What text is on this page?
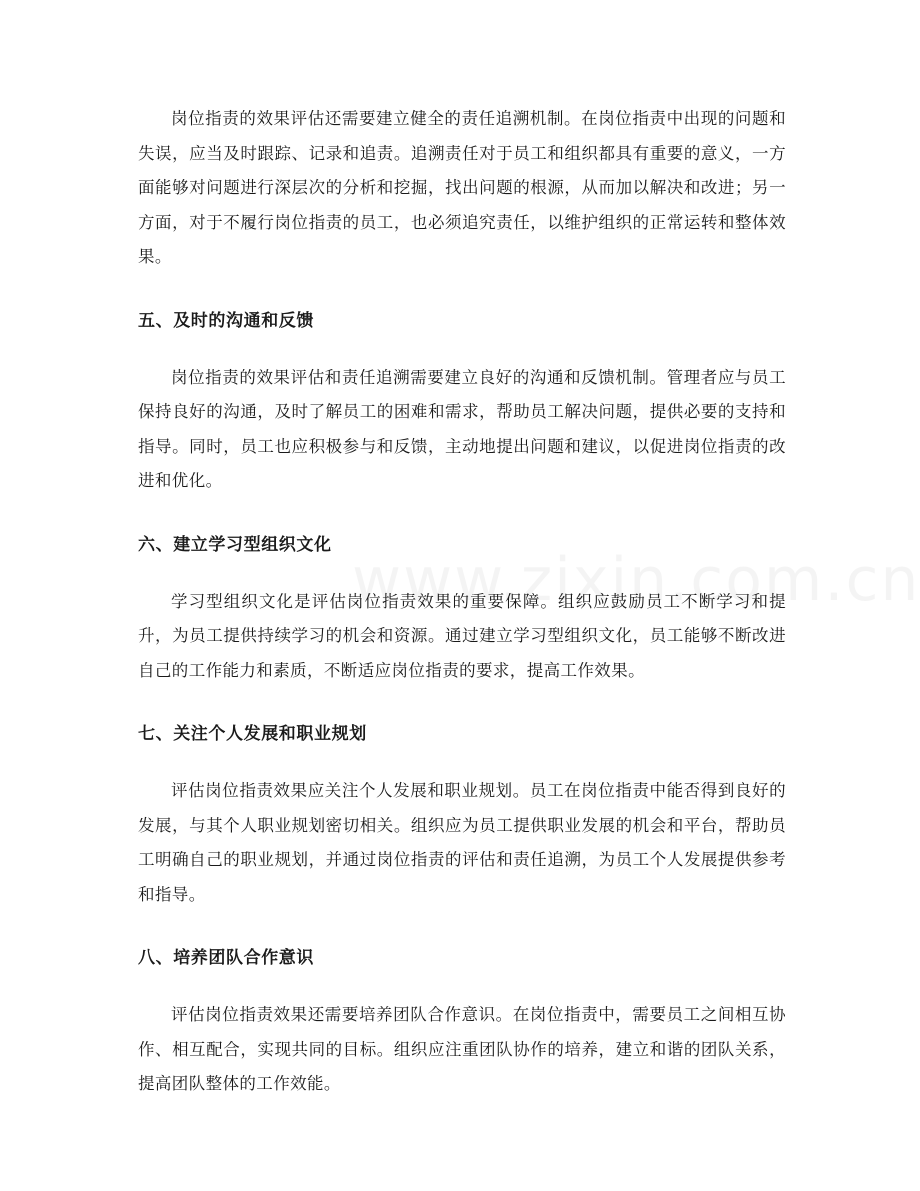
岗位指责的效果评估还需要建立健全的责任追溯机制。在岗位指责中出现的问题和失误，应当及时跟踪、记录和追责。追溯责任对于员工和组织都具有重要的意义，一方面能够对问题进行深层次的分析和挖掘，找出问题的根源，从而加以解决和改进；另一方面，对于不履行岗位指责的员工，也必须追究责任，以维护组织的正常运转和整体效果。

五、及时的沟通和反馈

岗位指责的效果评估和责任追溯需要建立良好的沟通和反馈机制。管理者应与员工保持良好的沟通，及时了解员工的困难和需求，帮助员工解决问题，提供必要的支持和指导。同时，员工也应积极参与和反馈，主动地提出问题和建议，以促进岗位指责的改进和优化。

六、建立学习型组织文化

学习型组织文化是评估岗位指责效果的重要保障。组织应鼓励员工不断学习和提升，为员工提供持续学习的机会和资源。通过建立学习型组织文化，员工能够不断改进自己的工作能力和素质，不断适应岗位指责的要求，提高工作效果。

七、关注个人发展和职业规划

评估岗位指责效果应关注个人发展和职业规划。员工在岗位指责中能否得到良好的发展，与其个人职业规划密切相关。组织应为员工提供职业发展的机会和平台，帮助员工明确自己的职业规划，并通过岗位指责的评估和责任追溯，为员工个人发展提供参考和指导。

八、培养团队合作意识

评估岗位指责效果还需要培养团队合作意识。在岗位指责中，需要员工之间相互协作、相互配合，实现共同的目标。组织应注重团队协作的培养，建立和谐的团队关系，提高团队整体的工作效能。
